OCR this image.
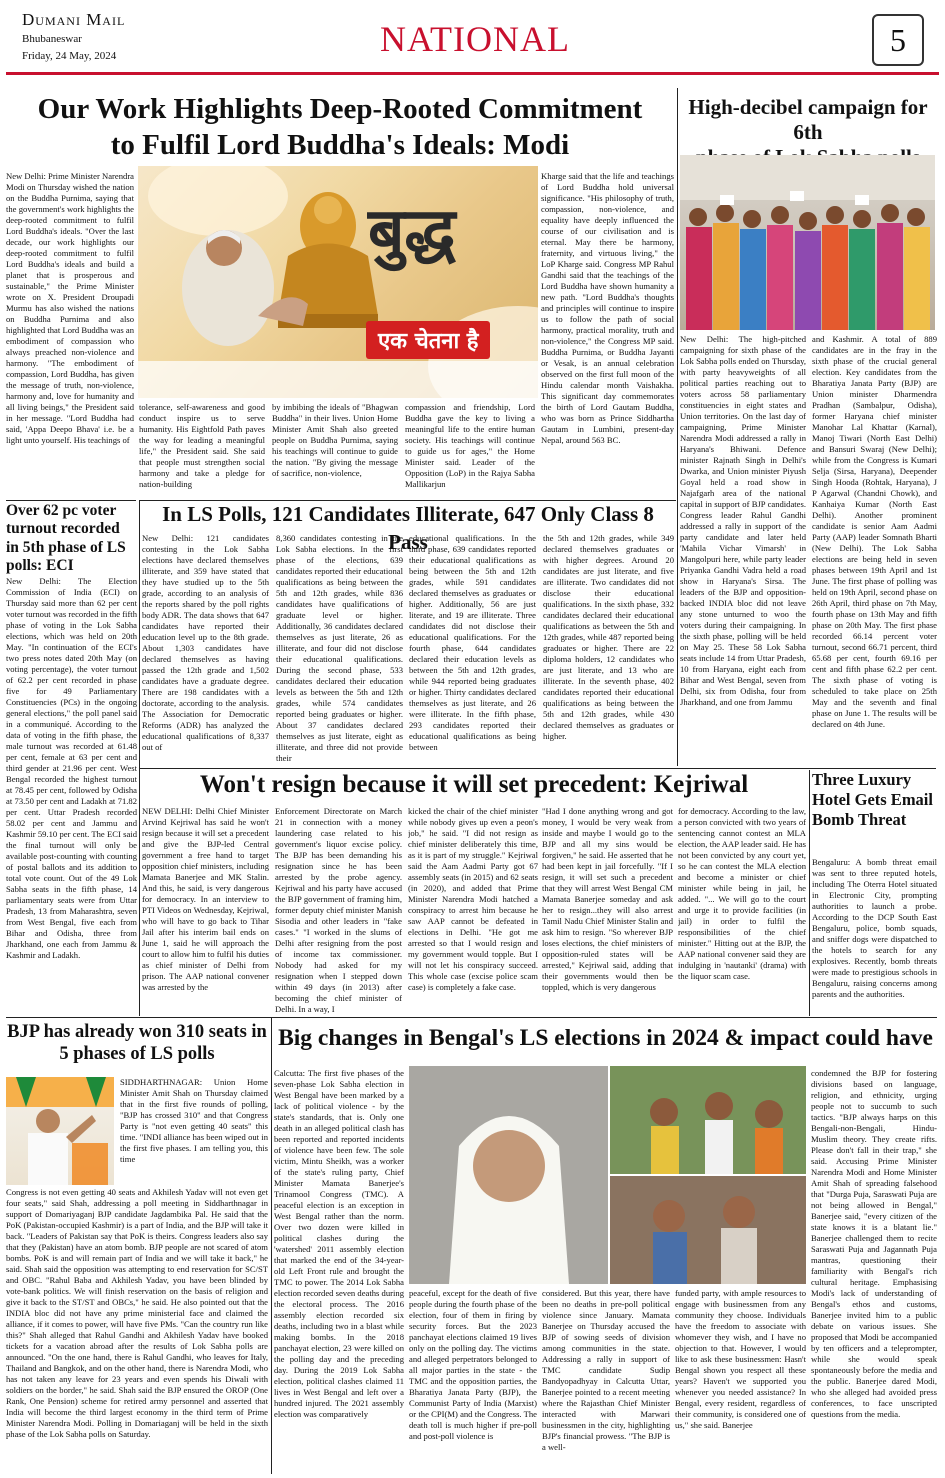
Dumani Mail
Bhubaneswar
Friday, 24 May, 2024	NATIONAL	5
Our Work Highlights Deep-Rooted Commitment
to Fulfil Lord Buddha's Ideals: Modi
बुद्ध
एक चेतना है
New Delhi: Prime Minister Narendra Modi on Thursday wished the nation on the Buddha Purnima, saying that the government's work highlights the deep-rooted commitment to fulfil Lord Buddha's ideals. "Over the last decade, our work highlights our deep-rooted commitment to fulfil Lord Buddha's ideals and build a planet that is prosperous and sustainable," the Prime Minister wrote on X. President Droupadi Murmu has also wished the nations on Buddha Purnima and also highlighted that Lord Buddha was an embodiment of compassion who always preached non-violence and harmony. "The embodiment of compassion, Lord Buddha, has given the message of truth, non-violence, harmony and, love for humanity and all living beings," the President said in her message. "Lord Buddha had said, 'Appa Deepo Bhava' i.e. be a light unto yourself. His teachings of
tolerance, self-awareness and good conduct inspire us to serve humanity. His Eightfold Path paves the way for leading a meaningful life," the President said. She said that people must strengthen social harmony and take a pledge for nation-building
by imbibing the ideals of "Bhagwan Buddha" in their lives. Union Home Minister Amit Shah also greeted people on Buddha Purnima, saying his teachings will continue to guide the nation. "By giving the message of sacrifice, non-violence,
compassion and friendship, Lord Buddha gave the key to living a meaningful life to the entire human society. His teachings will continue to guide us for ages," the Home Minister said. Leader of the Opposition (LoP) in the Rajya Sabha Mallikarjun
Kharge said that the life and teachings of Lord Buddha hold universal significance. "His philosophy of truth, compassion, non-violence, and equality have deeply influenced the course of our civilisation and is eternal. May there be harmony, fraternity, and virtuous living," the LoP Kharge said. Congress MP Rahul Gandhi said that the teachings of the Lord Buddha have shown humanity a new path. "Lord Buddha's thoughts and principles will continue to inspire us to follow the path of social harmony, practical morality, truth and non-violence," the Congress MP said. Buddha Purnima, or Buddha Jayanti or Vesak, is an annual celebration observed on the first full moon of the Hindu calendar month Vaishakha. This significant day commemorates the birth of Lord Gautam Buddha, who was born as Prince Siddhartha Gautam in Lumbini, present-day Nepal, around 563 BC.
High-decibel campaign for 6th
New Delhi: The high-pitched campaigning for sixth phase of the Lok Sabha polls ended on Thursday, with party heavyweights of all political parties reaching out to voters across 58 parliamentary constituencies in eight states and Union territories. On the last day of campaigning, Prime Minister Narendra Modi addressed a rally in Haryana's Bhiwani. Defence minister Rajnath Singh in Delhi's Dwarka, and Union minister Piyush Goyal held a road show in Najafgarh area of the national capital in support of BJP candidates. Congress leader Rahul Gandhi addressed a rally in support of the party candidate and later held 'Mahila Vichar Vimarsh' in Mangolpuri here, while party leader Priyanka Gandhi Vadra held a road show in Haryana's Sirsa. The leaders of the BJP and opposition-backed INDIA bloc did not leave any stone unturned to woo the voters during their campaigning. In the sixth phase, polling will be held on May 25. These 58 Lok Sabha seats include 14 from Uttar Pradesh, 10 from Haryana, eight each from Bihar and West Bengal, seven from Delhi, six from Odisha, four from Jharkhand, and one from Jammu
and Kashmir. A total of 889 candidates are in the fray in the sixth phase of the crucial general election. Key candidates from the Bharatiya Janata Party (BJP) are Union minister Dharmendra Pradhan (Sambalpur, Odisha), former Haryana chief minister Manohar Lal Khattar (Karnal), Manoj Tiwari (North East Delhi) and Bansuri Swaraj (New Delhi); while from the Congress is Kumari Selja (Sirsa, Haryana), Deepender Singh Hooda (Rohtak, Haryana), J P Agarwal (Chandni Chowk), and Kanhaiya Kumar (North East Delhi). Another prominent candidate is senior Aam Aadmi Party (AAP) leader Somnath Bharti (New Delhi). The Lok Sabha elections are being held in seven phases between 19th April and 1st June. The first phase of polling was held on 19th April, second phase on 26th April, third phase on 7th May, fourth phase on 13th May and fifth phase on 20th May. The first phase recorded 66.14 percent voter turnout, second 66.71 percent, third 65.68 per cent, fourth 69.16 per cent and fifth phase 62.2 per cent. The sixth phase of voting is scheduled to take place on 25th May and the seventh and final phase on June 1. The results will be declared on 4th June.
Over 62 pc voter turnout recorded in 5th phase of LS polls: ECI
New Delhi: The Election Commission of India (ECI) on Thursday said more than 62 per cent voter turnout was recorded in the fifth phase of voting in the Lok Sabha elections, which was held on 20th May. "In continuation of the ECI's two press notes dated 20th May (on voting percentage), the voter turnout of 62.2 per cent recorded in phase five for 49 Parliamentary Constituencies (PCs) in the ongoing general elections," the poll panel said in a communiqué. According to the data of voting in the fifth phase, the male turnout was recorded at 61.48 per cent, female at 63 per cent and third gender at 21.96 per cent. West Bengal recorded the highest turnout at 78.45 per cent, followed by Odisha at 73.50 per cent and Ladakh at 71.82 per cent. Uttar Pradesh recorded 58.02 per cent and Jammu and Kashmir 59.10 per cent. The ECI said the final turnout will only be available post-counting with counting of postal ballots and its addition to total vote count. Out of the 49 Lok Sabha seats in the fifth phase, 14 parliamentary seats were from Uttar Pradesh, 13 from Maharashtra, seven from West Bengal, five each from Bihar and Odisha, three from Jharkhand, one each from Jammu & Kashmir and Ladakh.
In LS Polls, 121 Candidates Illiterate, 647 Only Class 8 Pass
New Delhi: 121 candidates contesting in the Lok Sabha elections have declared themselves illiterate, and 359 have stated that they have studied up to the 5th grade, according to an analysis of the reports shared by the poll rights body ADR. The data shows that 647 candidates have reported their education level up to the 8th grade. About 1,303 candidates have declared themselves as having passed the 12th grade and 1,502 candidates have a graduate degree. There are 198 candidates with a doctorate, according to the analysis. The Association for Democratic Reforms (ADR) has analyzed the educational qualifications of 8,337 out of
8,360 candidates contesting in the Lok Sabha elections. In the first phase of the elections, 639 candidates reported their educational qualifications as being between the 5th and 12th grades, while 836 candidates have qualifications of graduate level or higher. Additionally, 36 candidates declared themselves as just literate, 26 as illiterate, and four did not disclose their educational qualifications. During the second phase, 533 candidates declared their education levels as between the 5th and 12th grades, while 574 candidates reported being graduates or higher. About 37 candidates declared themselves as just literate, eight as illiterate, and three did not provide their
educational qualifications. In the third phase, 639 candidates reported their educational qualifications as being between the 5th and 12th grades, while 591 candidates declared themselves as graduates or higher. Additionally, 56 are just literate, and 19 are illiterate. Three candidates did not disclose their educational qualifications. For the fourth phase, 644 candidates declared their education levels as between the 5th and 12th grades, while 944 reported being graduates or higher. Thirty candidates declared themselves as just literate, and 26 were illiterate. In the fifth phase, 293 candidates reported their educational qualifications as being between
the 5th and 12th grades, while 349 declared themselves graduates or with higher degrees. Around 20 candidates are just literate, and five are illiterate. Two candidates did not disclose their educational qualifications. In the sixth phase, 332 candidates declared their educational qualifications as between the 5th and 12th grades, while 487 reported being graduates or higher. There are 22 diploma holders, 12 candidates who are just literate, and 13 who are illiterate. In the seventh phase, 402 candidates reported their educational qualifications as being between the 5th and 12th grades, while 430 declared themselves as graduates or higher.
Won't resign because it will set precedent: Kejriwal
NEW DELHI: Delhi Chief Minister Arvind Kejriwal has said he won't resign because it will set a precedent and give the BJP-led Central government a free hand to target opposition chief ministers, including Mamata Banerjee and MK Stalin. And this, he said, is very dangerous for democracy. In an interview to PTI Videos on Wednesday, Kejriwal, who will have to go back to Tihar Jail after his interim bail ends on June 1, said he will approach the court to allow him to fulfil his duties as chief minister of Delhi from prison. The AAP national convener was arrested by the
Enforcement Directorate on March 21 in connection with a money laundering case related to his government's liquor excise policy. The BJP has been demanding his resignation since he has been arrested by the probe agency. Kejriwal and his party have accused the BJP government of framing him, former deputy chief minister Manish Sisodia and other leaders in "fake cases." "I worked in the slums of Delhi after resigning from the post of income tax commissioner. Nobody had asked for my resignation when I stepped down within 49 days (in 2013) after becoming the chief minister of Delhi. In a way, I
kicked the chair of the chief minister while nobody gives up even a peon's job," he said. "I did not resign as chief minister deliberately this time, as it is part of my struggle." Kejriwal said the Aam Aadmi Party got 67 assembly seats (in 2015) and 62 seats (in 2020), and added that Prime Minister Narendra Modi hatched a conspiracy to arrest him because he saw AAP cannot be defeated in elections in Delhi. "He got me arrested so that I would resign and my government would topple. But I will not let his conspiracy succeed. This whole case (excise police scam case) is completely a fake case.
"Had I done anything wrong and got money, I would be very weak from inside and maybe I would go to the BJP and all my sins would be forgiven," he said. He asserted that he had been kept in jail forcefully. "If I resign, it will set such a precedent that they will arrest West Bengal CM Mamata Banerjee someday and ask her to resign...they will also arrest Tamil Nadu Chief Minister Stalin and ask him to resign. "So wherever BJP loses elections, the chief ministers of opposition-ruled states will be arrested," Kejriwal said, adding that their governments would then be toppled, which is very dangerous
for democracy. According to the law, a person convicted with two years of sentencing cannot contest an MLA election, the AAP leader said. He has not been convicted by any court yet, so he can contest the MLA election and become a minister or chief minister while being in jail, he added. "... We will go to the court and urge it to provide facilities (in jail) in order to fulfil the responsibilities of the chief minister." Hitting out at the BJP, the AAP national convener said they are indulging in 'nautanki' (drama) with the liquor scam case.
Three Luxury Hotel Gets Email Bomb Threat
Bengaluru: A bomb threat email was sent to three reputed hotels, including The Oterra Hotel situated in Electronic City, prompting authorities to launch a probe. According to the DCP South East Bengaluru, police, bomb squads, and sniffer dogs were dispatched to the hotels to search for any explosives. Recently, bomb threats were made to prestigious schools in Bengaluru, raising concerns among parents and the authorities.
BJP has already won 310 seats in 5 phases of LS polls
SIDDHARTHNAGAR: Union Home Minister Amit Shah on Thursday claimed that in the first five rounds of polling, "BJP has crossed 310" and that Congress Party is "not even getting 40 seats" this time. "INDI alliance has been wiped out in the first five phases. I am telling you, this time
Congress is not even getting 40 seats and Akhilesh Yadav will not even get four seats," said Shah, addressing a poll meeting in Siddharthnagar in support of Domariyaganj BJP candidate Jagdambika Pal. He said that the PoK (Pakistan-occupied Kashmir) is a part of India, and the BJP will take it back. "Leaders of Pakistan say that PoK is theirs. Congress leaders also say that they (Pakistan) have an atom bomb. BJP people are not scared of atom bombs. PoK is and will remain part of India and we will take it back," he said. Shah said the opposition was attempting to end reservation for SC/ST and OBC. "Rahul Baba and Akhilesh Yadav, you have been blinded by vote-bank politics. We will finish reservation on the basis of religion and give it back to the ST/ST and OBCs," he said. He also pointed out that the INDIA bloc did not have any prime ministerial face and claimed the alliance, if it comes to power, will have five PMs. "Can the country run like this?" Shah alleged that Rahul Gandhi and Akhilesh Yadav have booked tickets for a vacation abroad after the results of Lok Sabha polls are announced. "On the one hand, there is Rahul Gandhi, who leaves for Italy, Thailand and Bangkok, and on the other hand, there is Narendra Modi, who has not taken any leave for 23 years and even spends his Diwali with soldiers on the border," he said. Shah said the BJP ensured the OROP (One Rank, One Pension) scheme for retired army personnel and asserted that India will become the third largest economy in the third term of Prime Minister Narendra Modi. Polling in Domariaganj will be held in the sixth phase of the Lok Sabha polls on Saturday.
Big changes in Bengal's LS elections in 2024 & impact could have
Calcutta: The first five phases of the seven-phase Lok Sabha election in West Bengal have been marked by a lack of political violence - by the state's standards, that is. Only one death in an alleged political clash has been reported and reported incidents of violence have been few. The sole victim, Mintu Sheikh, was a worker of the state's ruling party, Chief Minister Mamata Banerjee's Trinamool Congress (TMC). A peaceful election is an exception in West Bengal rather than the norm. Over two dozen were killed in political clashes during the 'watershed' 2011 assembly election that marked the end of the 34-year-old Left Front rule and brought the TMC to power. The 2014 Lok Sabha election recorded seven deaths during the electoral process. The 2016 assembly election recorded six deaths, including two in a blast while making bombs. In the 2018 panchayat election, 23 were killed on the polling day and the preceding day. During the 2019 Lok Sabha election, political clashes claimed 11 lives in West Bengal and left over a hundred injured. The 2021 assembly election was comparatively
peaceful, except for the death of five people during the fourth phase of the election, four of them in firing by security forces. But the 2023 panchayat elections claimed 19 lives only on the polling day. The victims and alleged perpetrators belonged to all major parties in the state - the TMC and the opposition parties, the Bharatiya Janata Party (BJP), the Communist Party of India (Marxist) or the CPI(M) and the Congress. The death toll is much higher if pre-poll and post-poll violence is
considered. But this year, there have been no deaths in pre-poll political violence since January. Mamata Banerjee on Thursday accused the BJP of sowing seeds of division among communities in the state. Addressing a rally in support of TMC candidate Sudip Bandyopadhyay in Calcutta Uttar, Banerjee pointed to a recent meeting where the Rajasthan Chief Minister interacted with Marwari businessmen in the city, highlighting BJP's financial prowess. "The BJP is a well-
funded party, with ample resources to engage with businessmen from any community they choose. Individuals have the freedom to associate with whomever they wish, and I have no objection to that. However, I would like to ask these businessmen: Hasn't Bengal shown you respect all these years? Haven't we supported you whenever you needed assistance? In Bengal, every resident, regardless of their community, is considered one of us," she said. Banerjee
condemned the BJP for fostering divisions based on language, religion, and ethnicity, urging people not to succumb to such tactics. "BJP always harps on this Bengali-non-Bengali, Hindu-Muslim theory. They create rifts. Please don't fall in their trap," she said. Accusing Prime Minister Narendra Modi and Home Minister Amit Shah of spreading falsehood that "Durga Puja, Saraswati Puja are not being allowed in Bengal," Banerjee said, "every citizen of the state knows it is a blatant lie." Banerjee challenged them to recite Saraswati Puja and Jagannath Puja mantras, questioning their familiarity with Bengal's rich cultural heritage. Emphasising Modi's lack of understanding of Bengal's ethos and customs, Banerjee invited him to a public debate on various issues. She proposed that Modi be accompanied by ten officers and a teleprompter, while she would speak spontaneously before the media and the public. Banerjee dared Modi, who she alleged had avoided press conferences, to face unscripted questions from the media.
